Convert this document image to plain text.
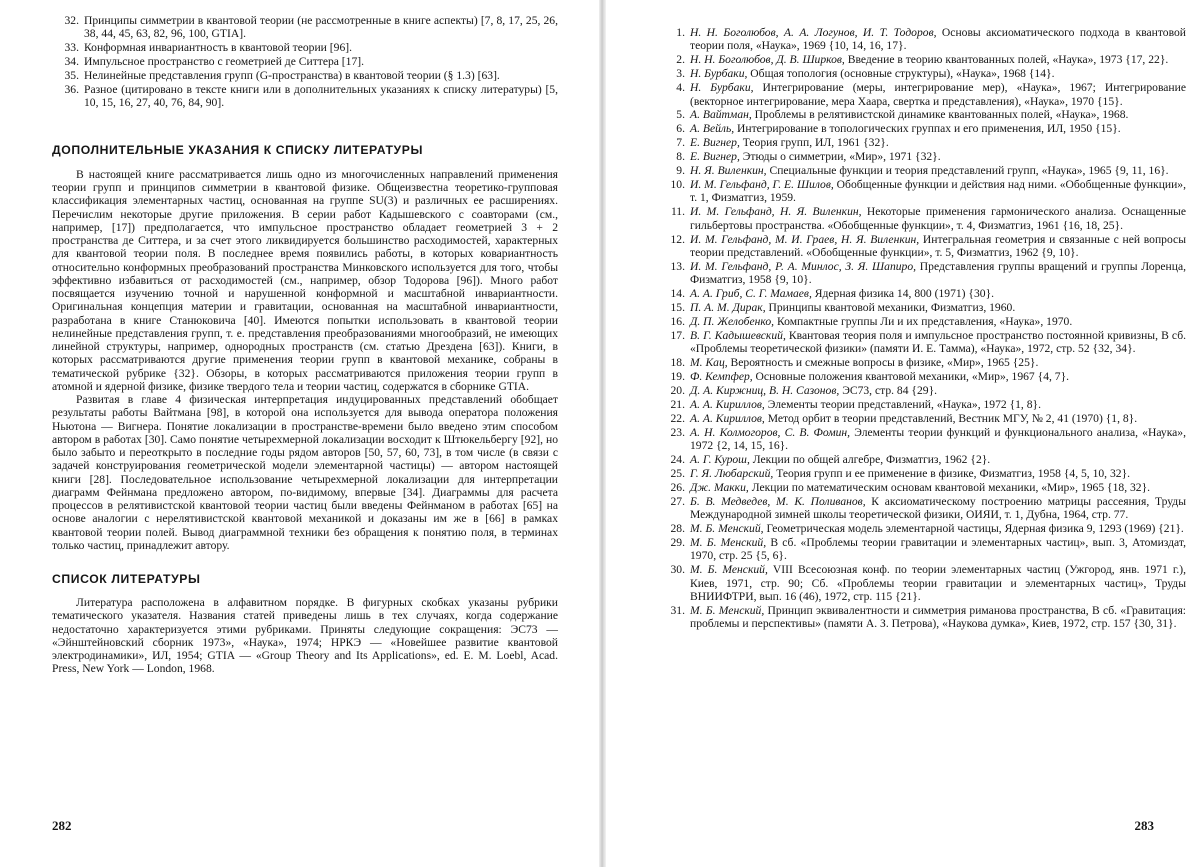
32. Принципы симметрии в квантовой теории (не рассмотренные в книге аспекты) [7, 8, 17, 25, 26, 38, 44, 45, 63, 82, 96, 100, GTIA].
33. Конформная инвариантность в квантовой теории [96].
34. Импульсное пространство с геометрией де Ситтера [17].
35. Нелинейные представления групп (G-пространства) в квантовой теории (§ 1.3) [63].
36. Разное (цитировано в тексте книги или в дополнительных указаниях к списку литературы) [5, 10, 15, 16, 27, 40, 76, 84, 90].
ДОПОЛНИТЕЛЬНЫЕ УКАЗАНИЯ К СПИСКУ ЛИТЕРАТУРЫ

В настоящей книге рассматривается лишь одно из многочисленных направлений применения теории групп и принципов симметрии в квантовой физике. Общеизвестна теоретико-групповая классификация элементарных частиц, основанная на группе SU(3) и различных ее расширениях. Перечислим некоторые другие приложения. В серии работ Кадышевского с соавторами (см., например, [17]) предполагается, что импульсное пространство обладает геометрией 3 + 2 пространства де Ситтера, и за счет этого ликвидируется большинство расходимостей, характерных для квантовой теории поля. В последнее время появились работы, в которых ковариантность относительно конформных преобразований пространства Минковского используется для того, чтобы эффективно избавиться от расходимостей (см., например, обзор Тодорова [96]). Много работ посвящается изучению точной и нарушенной конформной и масштабной инвариантности. Оригинальная концепция материи и гравитации, основанная на масштабной инвариантности, разработана в книге Станюковича [40]. Имеются попытки использовать в квантовой теории нелинейные представления групп, т. е. представления преобразованиями многообразий, не имеющих линейной структуры, например, однородных пространств (см. статью Дрездена [63]). Книги, в которых рассматриваются другие применения теории групп в квантовой механике, собраны в тематической рубрике {32}. Обзоры, в которых рассматриваются приложения теории групп в атомной и ядерной физике, физике твердого тела и теории частиц, содержатся в сборнике GTIA.

Развитая в главе 4 физическая интерпретация индуцированных представлений обобщает результаты работы Вайтмана [98], в которой она используется для вывода оператора положения Ньютона — Вигнера. Понятие локализации в пространстве-времени было введено этим способом автором в работах [30]. Само понятие четырехмерной локализации восходит к Штюкельбергу [92], но было забыто и переоткрыто в последние годы рядом авторов [50, 57, 60, 73], в том числе (в связи с задачей конструирования геометрической модели элементарной частицы) — автором настоящей книги [28]. Последовательное использование четырехмерной локализации для интерпретации диаграмм Фейнмана предложено автором, по-видимому, впервые [34]. Диаграммы для расчета процессов в релятивистской квантовой теории частиц были введены Фейнманом в работах [65] на основе аналогии с нерелятивистской квантовой механикой и доказаны им же в [66] в рамках квантовой теории полей. Вывод диаграммной техники без обращения к понятию поля, в терминах только частиц, принадлежит автору.

СПИСОК ЛИТЕРАТУРЫ

Литература расположена в алфавитном порядке. В фигурных скобках указаны рубрики тематического указателя. Названия статей приведены лишь в тех случаях, когда содержание недостаточно характеризуется этими рубриками. Приняты следующие сокращения: ЭС73 — «Эйнштейновский сборник 1973», «Наука», 1974; НРКЭ — «Новейшее развитие квантовой электродинамики», ИЛ, 1954; GTIA — «Group Theory and Its Applications», ed. E. M. Loebl, Acad. Press, New York — London, 1968.

282
1. Н. Н. Боголюбов, А. А. Логунов, И. Т. Тодоров, Основы аксиоматического подхода в квантовой теории поля, «Наука», 1969 {10, 14, 16, 17}.
2. Н. Н. Боголюбов, Д. В. Ширков, Введение в теорию квантованных полей, «Наука», 1973 {17, 22}.
3. Н. Бурбаки, Общая топология (основные структуры), «Наука», 1968 {14}.
4. Н. Бурбаки, Интегрирование (меры, интегрирование мер), «Наука», 1967; Интегрирование (векторное интегрирование, мера Хаара, свертка и представления), «Наука», 1970 {15}.
5. А. Вайтман, Проблемы в релятивистской динамике квантованных полей, «Наука», 1968.
6. А. Вейль, Интегрирование в топологических группах и его применения, ИЛ, 1950 {15}.
7. Е. Вигнер, Теория групп, ИЛ, 1961 {32}.
8. Е. Вигнер, Этюды о симметрии, «Мир», 1971 {32}.
9. Н. Я. Виленкин, Специальные функции и теория представлений групп, «Наука», 1965 {9, 11, 16}.
10. И. М. Гельфанд, Г. Е. Шилов, Обобщенные функции и действия над ними. «Обобщенные функции», т. 1, Физматгиз, 1959.
11. И. М. Гельфанд, Н. Я. Виленкин, Некоторые применения гармонического анализа. Оснащенные гильбертовы пространства. «Обобщенные функции», т. 4, Физматгиз, 1961 {16, 18, 25}.
12. И. М. Гельфанд, М. И. Граев, Н. Я. Виленкин, Интегральная геометрия и связанные с ней вопросы теории представлений. «Обобщенные функции», т. 5, Физматгиз, 1962 {9, 10}.
13. И. М. Гельфанд, Р. А. Минлос, З. Я. Шапиро, Представления группы вращений и группы Лоренца, Физматгиз, 1958 {9, 10}.
14. А. А. Гриб, С. Г. Мамаев, Ядерная физика 14, 800 (1971) {30}.
15. П. А. М. Дирак, Принципы квантовой механики, Физматгиз, 1960.
16. Д. П. Желобенко, Компактные группы Ли и их представления, «Наука», 1970.
17. В. Г. Кадышевский, Квантовая теория поля и импульсное пространство постоянной кривизны, В сб. «Проблемы теоретической физики» (памяти И. Е. Тамма), «Наука», 1972, стр. 52 {32, 34}.
18. М. Кац, Вероятность и смежные вопросы в физике, «Мир», 1965 {25}.
19. Ф. Кемпфер, Основные положения квантовой механики, «Мир», 1967 {4, 7}.
20. Д. А. Киржниц, В. Н. Сазонов, ЭС73, стр. 84 {29}.
21. А. А. Кириллов, Элементы теории представлений, «Наука», 1972 {1, 8}.
22. А. А. Кириллов, Метод орбит в теории представлений, Вестник МГУ, № 2, 41 (1970) {1, 8}.
23. А. Н. Колмогоров, С. В. Фомин, Элементы теории функций и функционального анализа, «Наука», 1972 {2, 14, 15, 16}.
24. А. Г. Курош, Лекции по общей алгебре, Физматгиз, 1962 {2}.
25. Г. Я. Любарский, Теория групп и ее применение в физике, Физматгиз, 1958 {4, 5, 10, 32}.
26. Дж. Макки, Лекции по математическим основам квантовой механики, «Мир», 1965 {18, 32}.
27. Б. В. Медведев, М. К. Поливанов, К аксиоматическому построению матрицы рассеяния, Труды Международной зимней школы теоретической физики, ОИЯИ, т. 1, Дубна, 1964, стр. 77.
28. М. Б. Менский, Геометрическая модель элементарной частицы, Ядерная физика 9, 1293 (1969) {21}.
29. М. Б. Менский, В сб. «Проблемы теории гравитации и элементарных частиц», вып. 3, Атомиздат, 1970, стр. 25 {5, 6}.
30. М. Б. Менский, VIII Всесоюзная конф. по теории элементарных частиц (Ужгород, янв. 1971 г.), Киев, 1971, стр. 90; Сб. «Проблемы теории гравитации и элементарных частиц», Труды ВНИИФТРИ, вып. 16 (46), 1972, стр. 115 {21}.
31. М. Б. Менский, Принцип эквивалентности и симметрия риманова пространства, В сб. «Гравитация: проблемы и перспективы» (памяти А. З. Петрова), «Наукова думка», Киев, 1972, стр. 157 {30, 31}.
283
